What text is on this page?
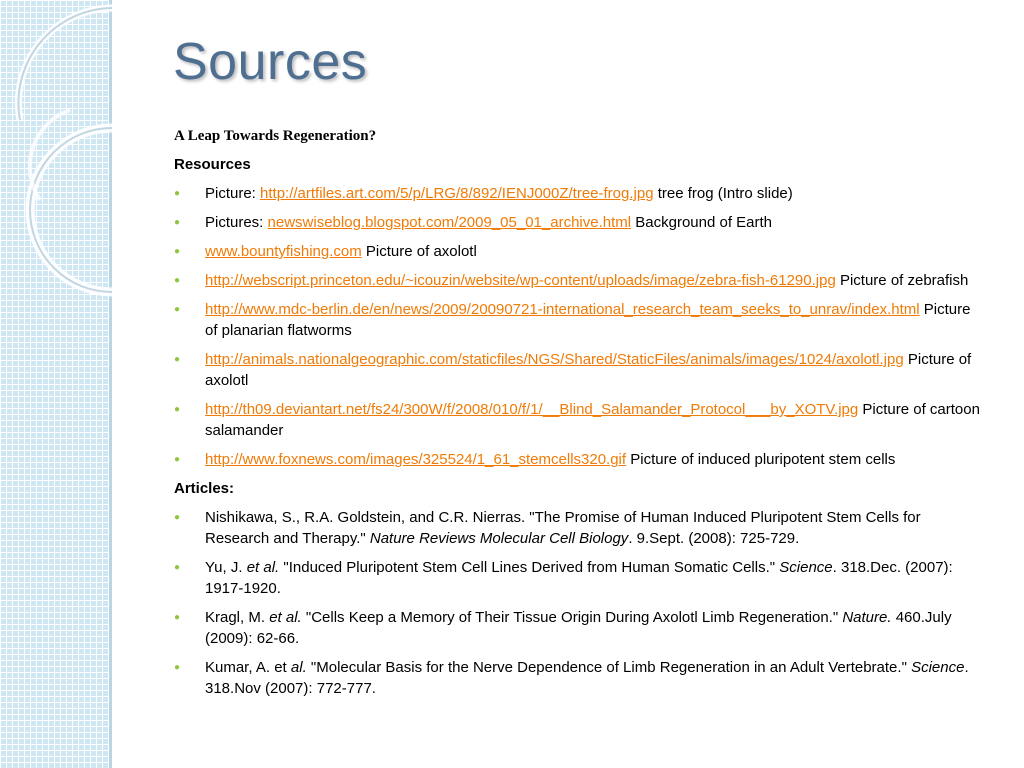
Sources
A Leap Towards Regeneration?
Resources
● Picture: http://artfiles.art.com/5/p/LRG/8/892/IENJ000Z/tree-frog.jpg tree frog (Intro slide)
● Pictures: newswiseblog.blogspot.com/2009_05_01_archive.html Background of Earth
● www.bountyfishing.com Picture of axolotl
● http://webscript.princeton.edu/~icouzin/website/wp-content/uploads/image/zebra-fish-61290.jpg Picture of zebrafish
● http://www.mdc-berlin.de/en/news/2009/20090721-international_research_team_seeks_to_unrav/index.html Picture of planarian flatworms
● http://animals.nationalgeographic.com/staticfiles/NGS/Shared/StaticFiles/animals/images/1024/axolotl.jpg Picture of axolotl
● http://th09.deviantart.net/fs24/300W/f/2008/010/f/1/__Blind_Salamander_Protocol___by_XOTV.jpg Picture of cartoon salamander
● http://www.foxnews.com/images/325524/1_61_stemcells320.gif Picture of induced pluripotent stem cells
Articles:
● Nishikawa, S., R.A. Goldstein, and C.R. Nierras. "The Promise of Human Induced Pluripotent Stem Cells for Research and Therapy." Nature Reviews Molecular Cell Biology. 9.Sept. (2008): 725-729.
● Yu, J. et al. "Induced Pluripotent Stem Cell Lines Derived from Human Somatic Cells." Science. 318.Dec. (2007): 1917-1920.
● Kragl, M. et al. "Cells Keep a Memory of Their Tissue Origin During Axolotl Limb Regeneration." Nature. 460.July (2009): 62-66.
● Kumar, A. et al. "Molecular Basis for the Nerve Dependence of Limb Regeneration in an Adult Vertebrate." Science. 318.Nov (2007): 772-777.
